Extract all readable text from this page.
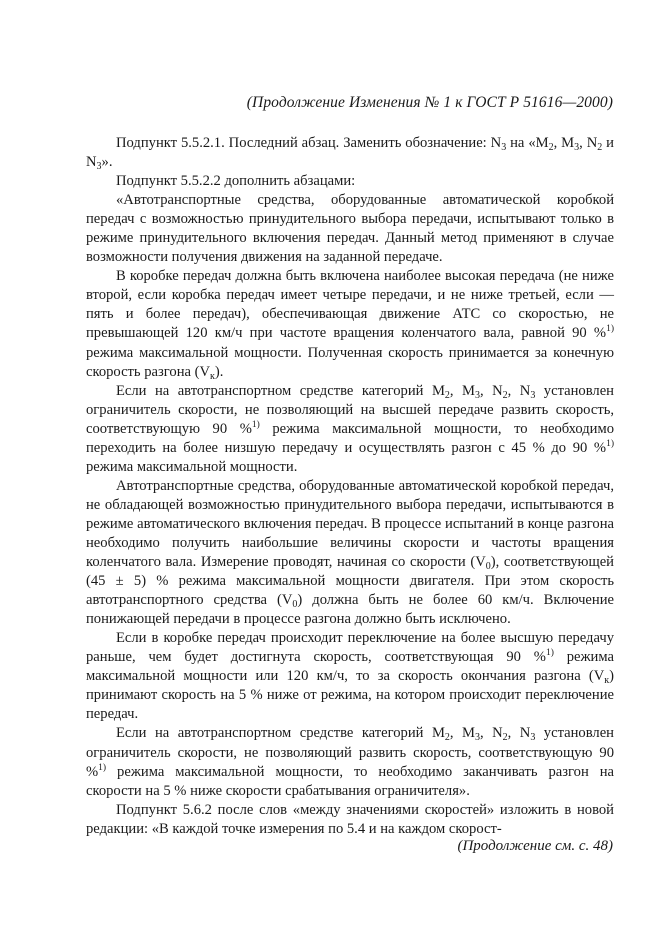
(Продолжение Изменения № 1 к ГОСТ Р 51616—2000)

Подпункт 5.5.2.1. Последний абзац. Заменить обозначение: $N_3$ на «$M_2$, $M_3$, $N_2$ и $N_3$».

Подпункт 5.5.2.2 дополнить абзацами:

«Автотранспортные средства, оборудованные автоматической коробкой передач с возможностью принудительного выбора передачи, испытывают только в режиме принудительного включения передач. Данный метод применяют в случае возможности получения движения на заданной передаче.

В коробке передач должна быть включена наиболее высокая передача (не ниже второй, если коробка передач имеет четыре передачи, и не ниже третьей, если — пять и более передач), обеспечивающая движение АТС со скоростью, не превышающей 120 км/ч при частоте вращения коленчатого вала, равной 90 %$^{1)}$ режима максимальной мощности. Полученная скорость принимается за конечную скорость разгона $(V_к)$.

Если на автотранспортном средстве категорий $M_2$, $M_3$, $N_2$, $N_3$ установлен ограничитель скорости, не позволяющий на высшей передаче развить скорость, соответствующую 90 %$^{1)}$ режима максимальной мощности, то необходимо переходить на более низшую передачу и осуществлять разгон с 45 % до 90 %$^{1)}$ режима максимальной мощности.

Автотранспортные средства, оборудованные автоматической коробкой передач, не обладающей возможностью принудительного выбора передачи, испытываются в режиме автоматического включения передач. В процессе испытаний в конце разгона необходимо получить наибольшие величины скорости и частоты вращения коленчатого вала. Измерение проводят, начиная со скорости $(V_0)$, соответствующей (45 ± 5) % режима максимальной мощности двигателя. При этом скорость автотранспортного средства $(V_0)$ должна быть не более 60 км/ч. Включение понижающей передачи в процессе разгона должно быть исключено.

Если в коробке передач происходит переключение на более высшую передачу раньше, чем будет достигнута скорость, соответствующая 90 %$^{1)}$ режима максимальной мощности или 120 км/ч, то за скорость окончания разгона $(V_к)$ принимают скорость на 5 % ниже от режима, на котором происходит переключение передач.

Если на автотранспортном средстве категорий $M_2$, $M_3$, $N_2$, $N_3$ установлен ограничитель скорости, не позволяющий развить скорость, соответствующую 90 %$^{1)}$ режима максимальной мощности, то необходимо заканчивать разгон на скорости на 5 % ниже скорости срабатывания ограничителя».

Подпункт 5.6.2 после слов «между значениями скоростей» изложить в новой редакции: «В каждой точке измерения по 5.4 и на каждом скорост-

(Продолжение см. с. 48)
